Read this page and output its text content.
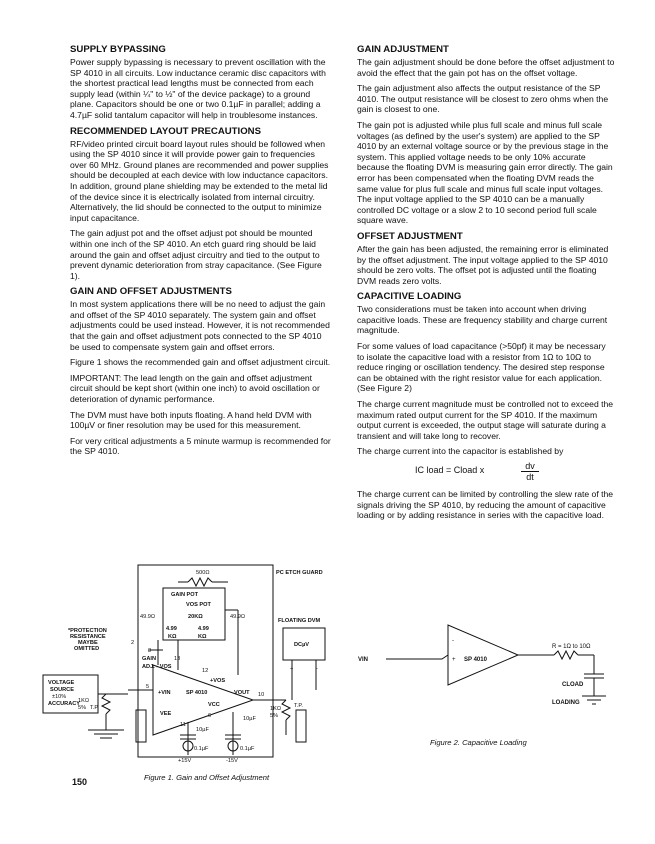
SUPPLY BYPASSING

Power supply bypassing is necessary to prevent oscillation with the SP 4010 in all circuits. Low inductance ceramic disc capacitors with the shortest practical lead lengths must be connected from each supply lead (within ¼" to ½" of the device package) to a ground plane. Capacitors should be one or two 0.1µF in parallel; adding a 4.7µF solid tantalum capacitor will help in troublesome instances.

RECOMMENDED LAYOUT PRECAUTIONS

RF/video printed circuit board layout rules should be followed when using the SP 4010 since it will provide power gain to frequencies over 60 MHz. Ground planes are recommended and power supplies should be decoupled at each device with low inductance capacitors. In addition, ground plane shielding may be extended to the metal lid of the device since it is electrically isolated from internal circuitry. Alternatively, the lid should be connected to the output to minimize input capacitance.

The gain adjust pot and the offset adjust pot should be mounted within one inch of the SP 4010. An etch guard ring should be laid around the gain and offset adjust circuitry and tied to the output to prevent dynamic deterioration from stray capacitance. (See Figure 1).

GAIN AND OFFSET ADJUSTMENTS

In most system applications there will be no need to adjust the gain and offset of the SP 4010 separately. The system gain and offset adjustments could be used instead. However, it is not recommended that the gain and offset adjustment pots connected to the SP 4010 be used to compensate system gain and offset errors.

Figure 1 shows the recommended gain and offset adjustment circuit.

IMPORTANT: The lead length on the gain and offset adjustment circuit should be kept short (within one inch) to avoid oscillation or deterioration of dynamic performance.

The DVM must have both inputs floating. A hand held DVM with 100µV or finer resolution may be used for this measurement.

For very critical adjustments a 5 minute warmup is recommended for the SP 4010.

GAIN ADJUSTMENT

The gain adjustment should be done before the offset adjustment to avoid the effect that the gain pot has on the offset voltage.

The gain adjustment also affects the output resistance of the SP 4010. The output resistance will be closest to zero ohms when the gain is closest to one.

The gain pot is adjusted while plus full scale and minus full scale voltages (as defined by the user's system) are applied to the SP 4010 by an external voltage source or by the previous stage in the system. This applied voltage needs to be only 10% accurate because the floating DVM is measuring gain error directly. The gain error has been compensated when the floating DVM reads the same value for plus full scale and minus full scale input voltages. The input voltage applied to the SP 4010 can be a manually controlled DC voltage or a slow 2 to 10 second period full scale square wave.

OFFSET ADJUSTMENT

After the gain has been adjusted, the remaining error is eliminated by the offset adjustment. The input voltage applied to the SP 4010 should be zero volts. The offset pot is adjusted until the floating DVM reads zero volts.

CAPACITIVE LOADING

Two considerations must be taken into account when driving capacitive loads. These are frequency stability and charge current magnitude.

For some values of load capacitance (>50pf) it may be necessary to isolate the capacitive load with a resistor from 1Ω to 10Ω to reduce ringing or oscillation tendency. The desired step response can be obtained with the right resistor value for each application. (See Figure 2)

The charge current magnitude must be controlled not to exceed the maximum rated output current for the SP 4010. If the maximum output current is exceeded, the output stage will saturate during a transient and will take long to recover.

The charge current into the capacitor is established by

IC load = Cload x	$\frac{dv}{dt}$

The charge current can be limited by controlling the slew rate of the signals driving the SP 4010, by reducing the amount of capacitive loading or by adding resistance in series with the capacitive load.

500Ω
GAIN POT
VOS POT
20KΩ
49.9Ω	49.9Ω
4.99	4.99
KΩ	KΩ
PC ETCH GUARD
FLOATING DVM
DCµV
+	-
*PROTECTION
RESISTANCE
MAYBE
OMITTED
VOLTAGE
SOURCE
±10%
ACCURACY
GAIN
ADJ. - VOS
+VOS
+VIN	SP 4010	VOUT
VCC
VEE
1KΩ
5% T.P.	1KΩ
5%
T.P.
10µF
10µF
0.1µF	0.1µF
+15V	-15V
2
3
5
6
10
11
12
13	VIN	+
-
SP 4010
R = 1Ω to 10Ω
CLOAD
LOADING
Figure 1. Gain and Offset Adjustment
Figure 2. Capacitive Loading
150
